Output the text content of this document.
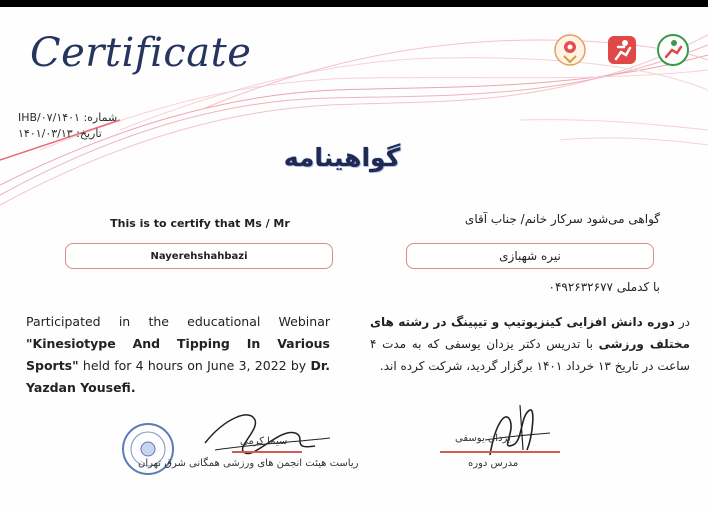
Certificate
شماره: ۱۴۰۱/IHB/۰۷
تاریخ: ۱۴۰۱/۰۳/۱۳
گواهینامه
This is to certify that Ms / Mr	گواهی می‌شود سرکار خانم/ جناب آقای
Nayerehshahbazi	نیره شهبازی
با کدملی ۰۴۹۲۶۳۲۶۷۷
Participated in the educational Webinar "Kinesiotype And Tipping In Various Sports" held for 4 hours on June 3, 2022 by Dr. Yazdan Yousefi.
در دوره دانش افزایی کینزیوتیپ و تیپینگ در رشته های مختلف ورزشی با تدریس دکتر یزدان یوسفی که به مدت ۴ ساعت در تاریخ ۱۳ خرداد ۱۴۰۱ برگزار گردید، شرکت کرده اند.
سیما کرمی
ریاست هیئت انجمن های ورزشی همگانی شرق تهران
یزدان یوسفی
مدرس دوره
